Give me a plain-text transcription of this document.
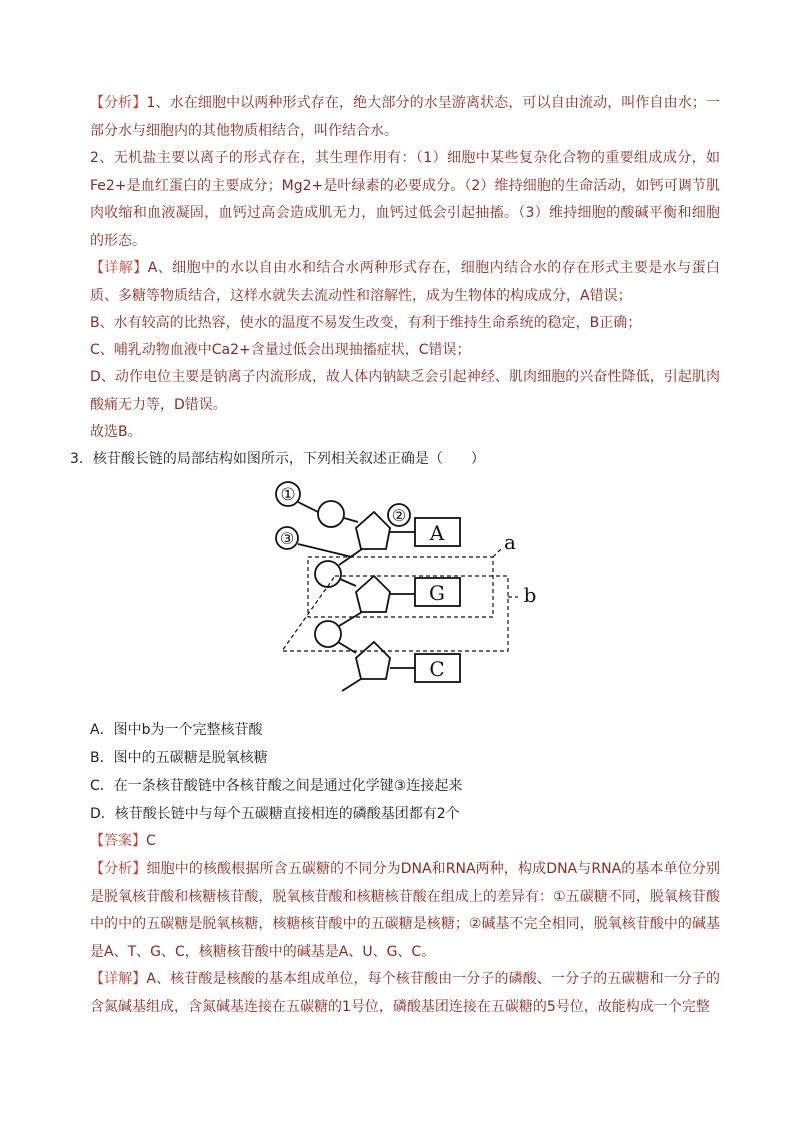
【分析】1、水在细胞中以两种形式存在，绝大部分的水呈游离状态，可以自由流动，叫作自由水；一部分水与细胞内的其他物质相结合，叫作结合水。
2、无机盐主要以离子的形式存在，其生理作用有：（1）细胞中某些复杂化合物的重要组成成分，如Fe2+是血红蛋白的主要成分；Mg2+是叶绿素的必要成分。（2）维持细胞的生命活动，如钙可调节肌肉收缩和血液凝固，血钙过高会造成肌无力，血钙过低会引起抽搐。（3）维持细胞的酸碱平衡和细胞的形态。
【详解】A、细胞中的水以自由水和结合水两种形式存在，细胞内结合水的存在形式主要是水与蛋白质、多糖等物质结合，这样水就失去流动性和溶解性，成为生物体的构成成分，A错误；
B、水有较高的比热容，使水的温度不易发生改变，有利于维持生命系统的稳定，B正确；
C、哺乳动物血液中Ca2+含量过低会出现抽搐症状，C错误；
D、动作电位主要是钠离子内流形成，故人体内钠缺乏会引起神经、肌肉细胞的兴奋性降低，引起肌肉酸痛无力等，D错误。
故选B。
3．核苷酸长链的局部结构如图所示，下列相关叙述正确是（　　）
①
②
③	A
G
C
a
b
A．图中b为一个完整核苷酸
B．图中的五碳糖是脱氧核糖
C．在一条核苷酸链中各核苷酸之间是通过化学键③连接起来
D．核苷酸长链中与每个五碳糖直接相连的磷酸基团都有2个
【答案】C
【分析】细胞中的核酸根据所含五碳糖的不同分为DNA和RNA两种，构成DNA与RNA的基本单位分别是脱氧核苷酸和核糖核苷酸，脱氧核苷酸和核糖核苷酸在组成上的差异有：①五碳糖不同，脱氧核苷酸中的中的五碳糖是脱氧核糖，核糖核苷酸中的五碳糖是核糖；②碱基不完全相同，脱氧核苷酸中的碱基是A、T、G、C，核糖核苷酸中的碱基是A、U、G、C。
【详解】A、核苷酸是核酸的基本组成单位，每个核苷酸由一分子的磷酸、一分子的五碳糖和一分子的含氮碱基组成，含氮碱基连接在五碳糖的1号位，磷酸基团连接在五碳糖的5号位，故能构成一个完整
